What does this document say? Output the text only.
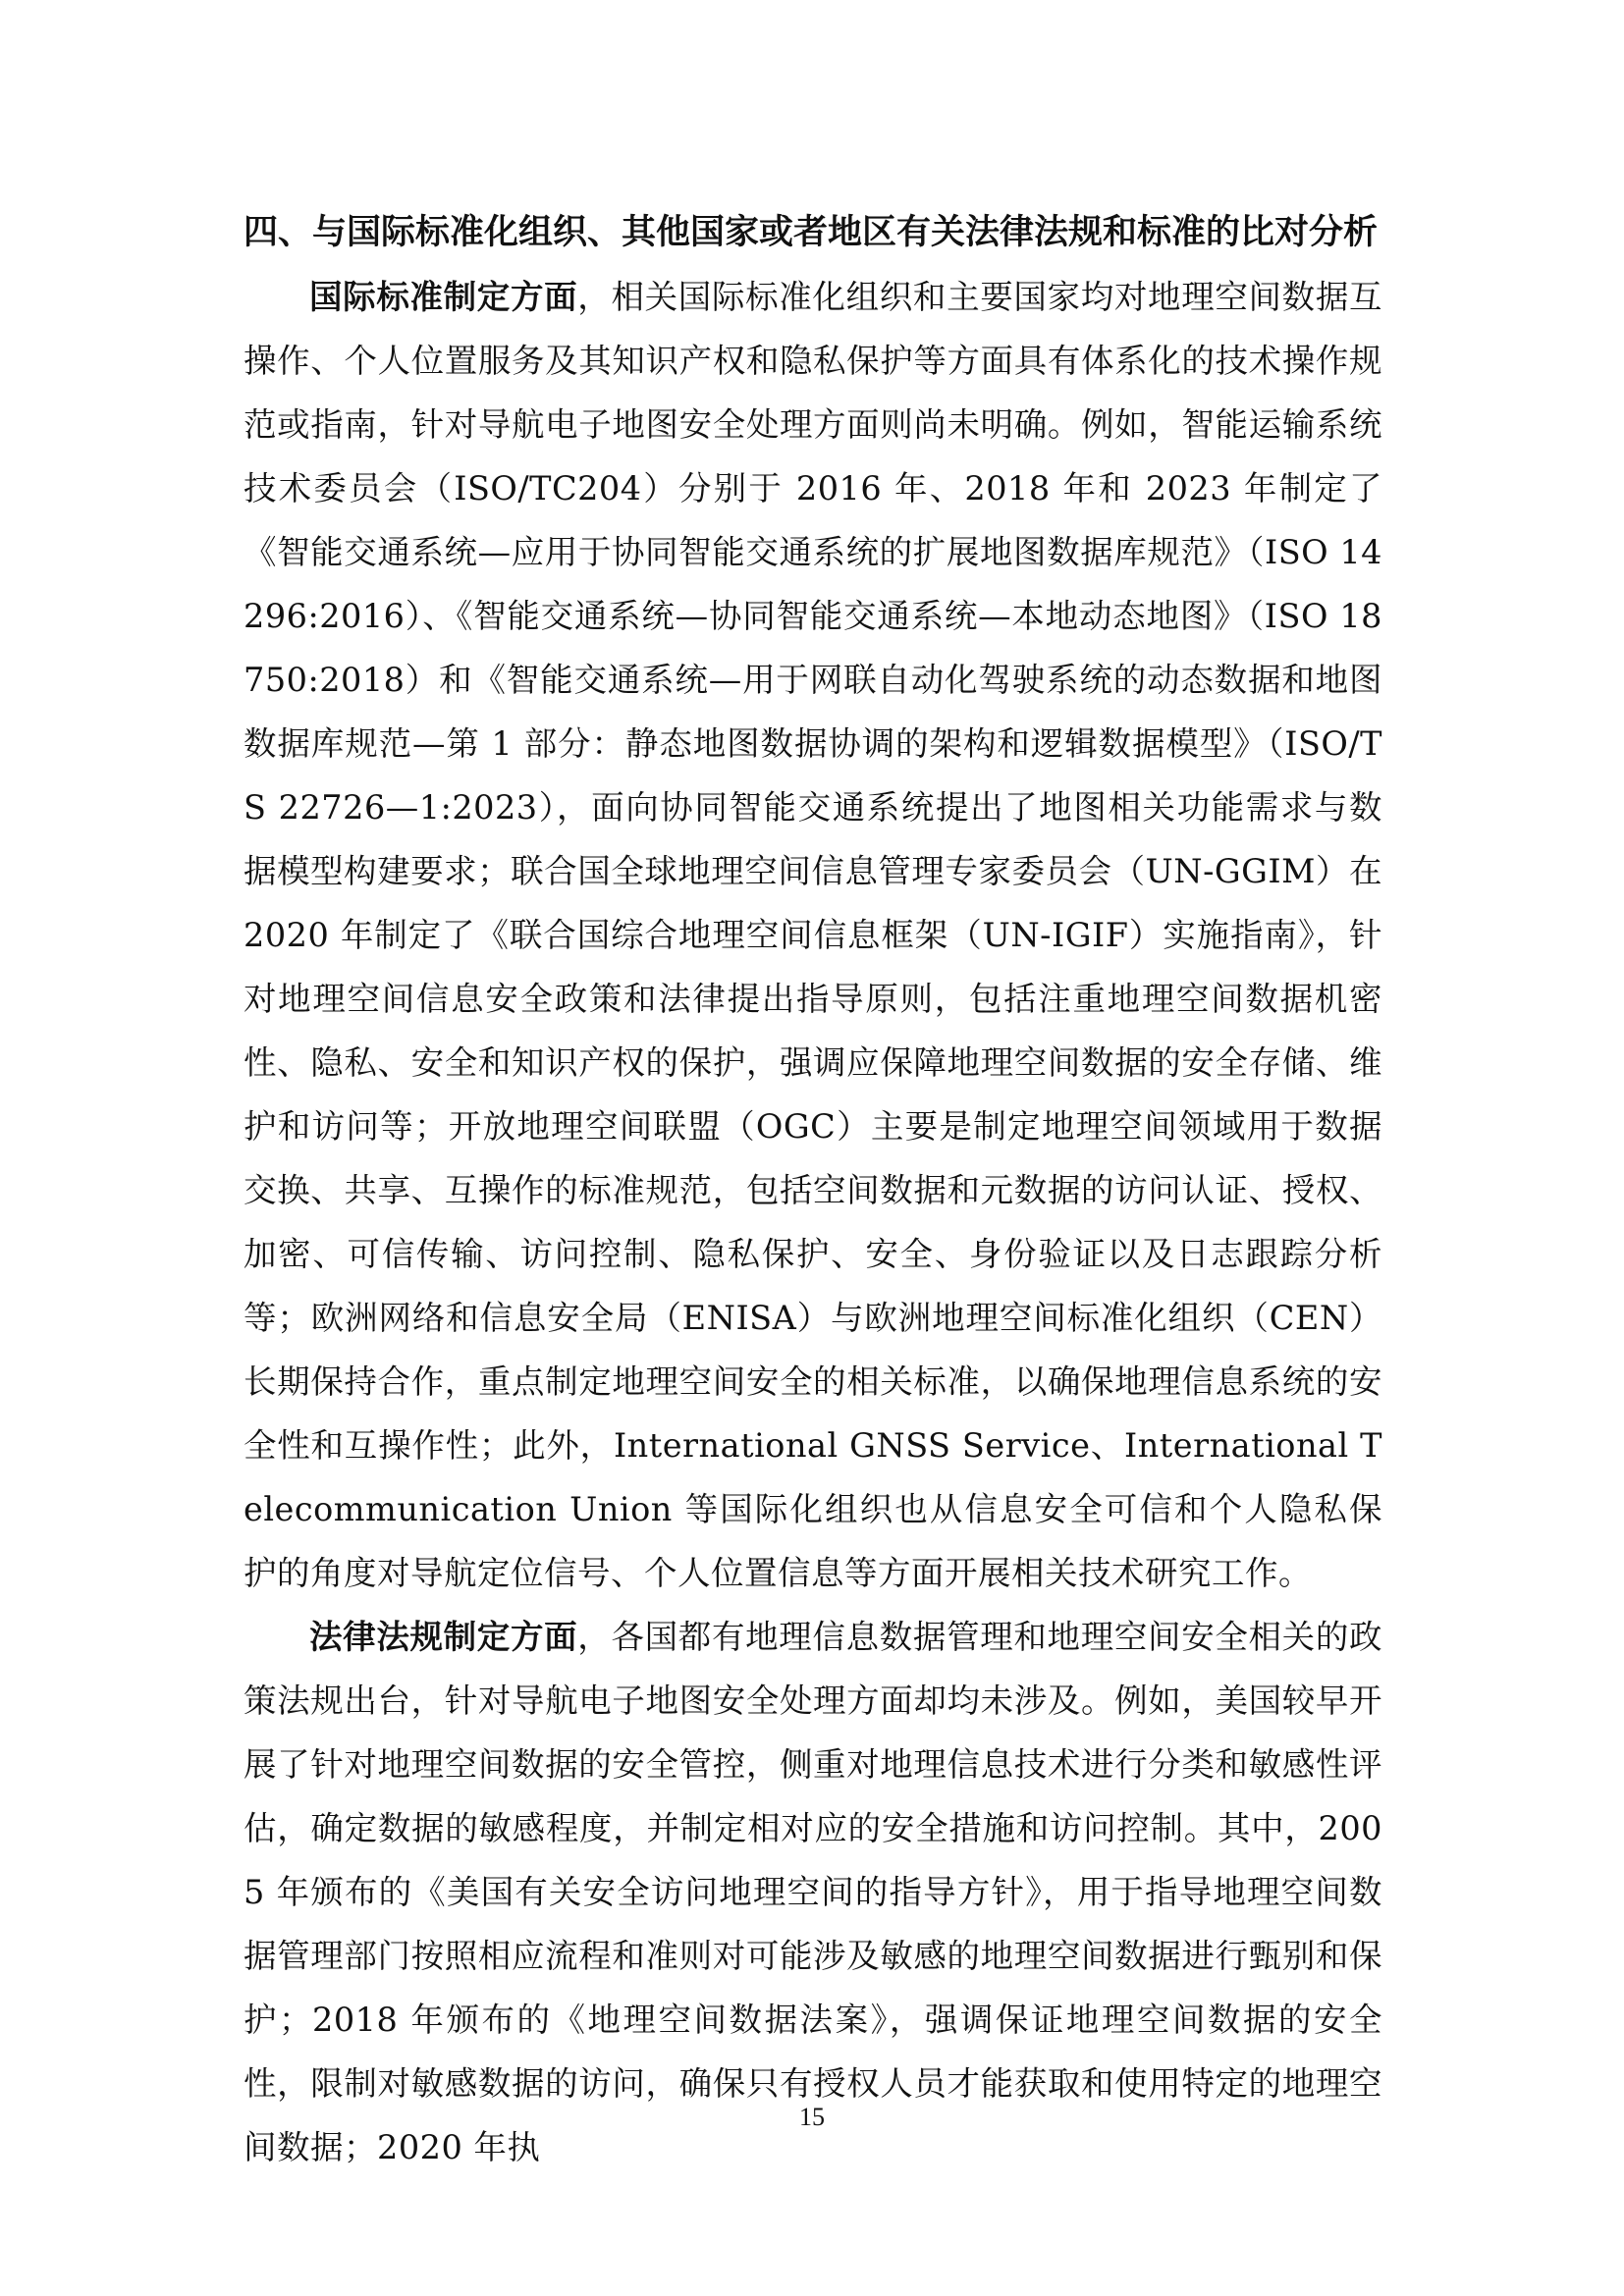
四、与国际标准化组织、其他国家或者地区有关法律法规和标准的比对分析

国际标准制定方面，相关国际标准化组织和主要国家均对地理空间数据互操作、个人位置服务及其知识产权和隐私保护等方面具有体系化的技术操作规范或指南，针对导航电子地图安全处理方面则尚未明确。例如，智能运输系统技术委员会（ISO/TC204）分别于 2016 年、2018 年和 2023 年制定了《智能交通系统—应用于协同智能交通系统的扩展地图数据库规范》（ISO 14296:2016）、《智能交通系统—协同智能交通系统—本地动态地图》（ISO 18750:2018）和《智能交通系统—用于网联自动化驾驶系统的动态数据和地图数据库规范—第 1 部分：静态地图数据协调的架构和逻辑数据模型》（ISO/TS 22726—1:2023），面向协同智能交通系统提出了地图相关功能需求与数据模型构建要求；联合国全球地理空间信息管理专家委员会（UN-GGIM）在 2020 年制定了《联合国综合地理空间信息框架（UN-IGIF）实施指南》，针对地理空间信息安全政策和法律提出指导原则，包括注重地理空间数据机密性、隐私、安全和知识产权的保护，强调应保障地理空间数据的安全存储、维护和访问等；开放地理空间联盟（OGC）主要是制定地理空间领域用于数据交换、共享、互操作的标准规范，包括空间数据和元数据的访问认证、授权、加密、可信传输、访问控制、隐私保护、安全、身份验证以及日志跟踪分析等；欧洲网络和信息安全局（ENISA）与欧洲地理空间标准化组织（CEN）长期保持合作，重点制定地理空间安全的相关标准，以确保地理信息系统的安全性和互操作性；此外，International GNSS Service、International Telecommunication Union 等国际化组织也从信息安全可信和个人隐私保护的角度对导航定位信号、个人位置信息等方面开展相关技术研究工作。

法律法规制定方面，各国都有地理信息数据管理和地理空间安全相关的政策法规出台，针对导航电子地图安全处理方面却均未涉及。例如，美国较早开展了针对地理空间数据的安全管控，侧重对地理信息技术进行分类和敏感性评估，确定数据的敏感程度，并制定相对应的安全措施和访问控制。其中，2005 年颁布的《美国有关安全访问地理空间的指导方针》，用于指导地理空间数据管理部门按照相应流程和准则对可能涉及敏感的地理空间数据进行甄别和保护；2018 年颁布的《地理空间数据法案》，强调保证地理空间数据的安全性，限制对敏感数据的访问，确保只有授权人员才能获取和使用特定的地理空间数据；2020 年执

15
